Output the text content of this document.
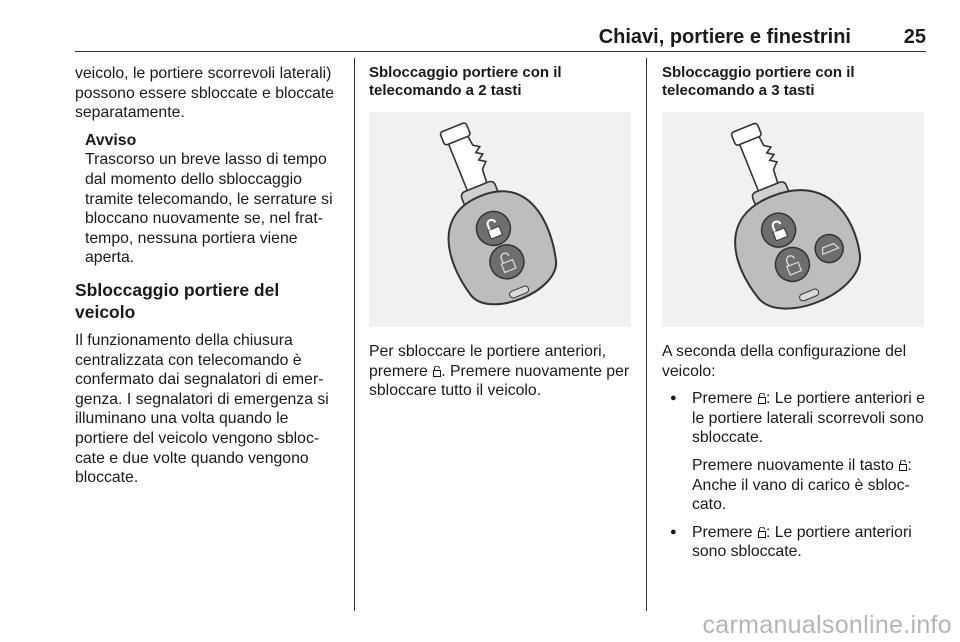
Chiavi, portiere e finestrini	25

veicolo, le portiere scorrevoli laterali) possono essere sbloccate e bloccate separatamente.

Avviso

Trascorso un breve lasso di tempo dal momento dello sbloccaggio tramite telecomando, le serrature si bloccano nuovamente se, nel frat-tempo, nessuna portiera viene aperta.

Sbloccaggio portiere del veicolo

Il funzionamento della chiusura centralizzata con telecomando è confermato dai segnalatori di emer-genza. I segnalatori di emergenza si illuminano una volta quando le portiere del veicolo vengono sbloc-cate e due volte quando vengono bloccate.

Sbloccaggio portiere con il telecomando a 2 tasti

Per sbloccare le portiere anteriori, premere . Premere nuovamente per sbloccare tutto il veicolo.

Sbloccaggio portiere con il telecomando a 3 tasti

A seconda della configurazione del veicolo:

● Premere : Le portiere anteriori e le portiere laterali scorrevoli sono sbloccate.

Premere nuovamente il tasto : Anche il vano di carico è sbloc-cato.

● Premere : Le portiere anteriori sono sbloccate.

carmanualsonline.info
